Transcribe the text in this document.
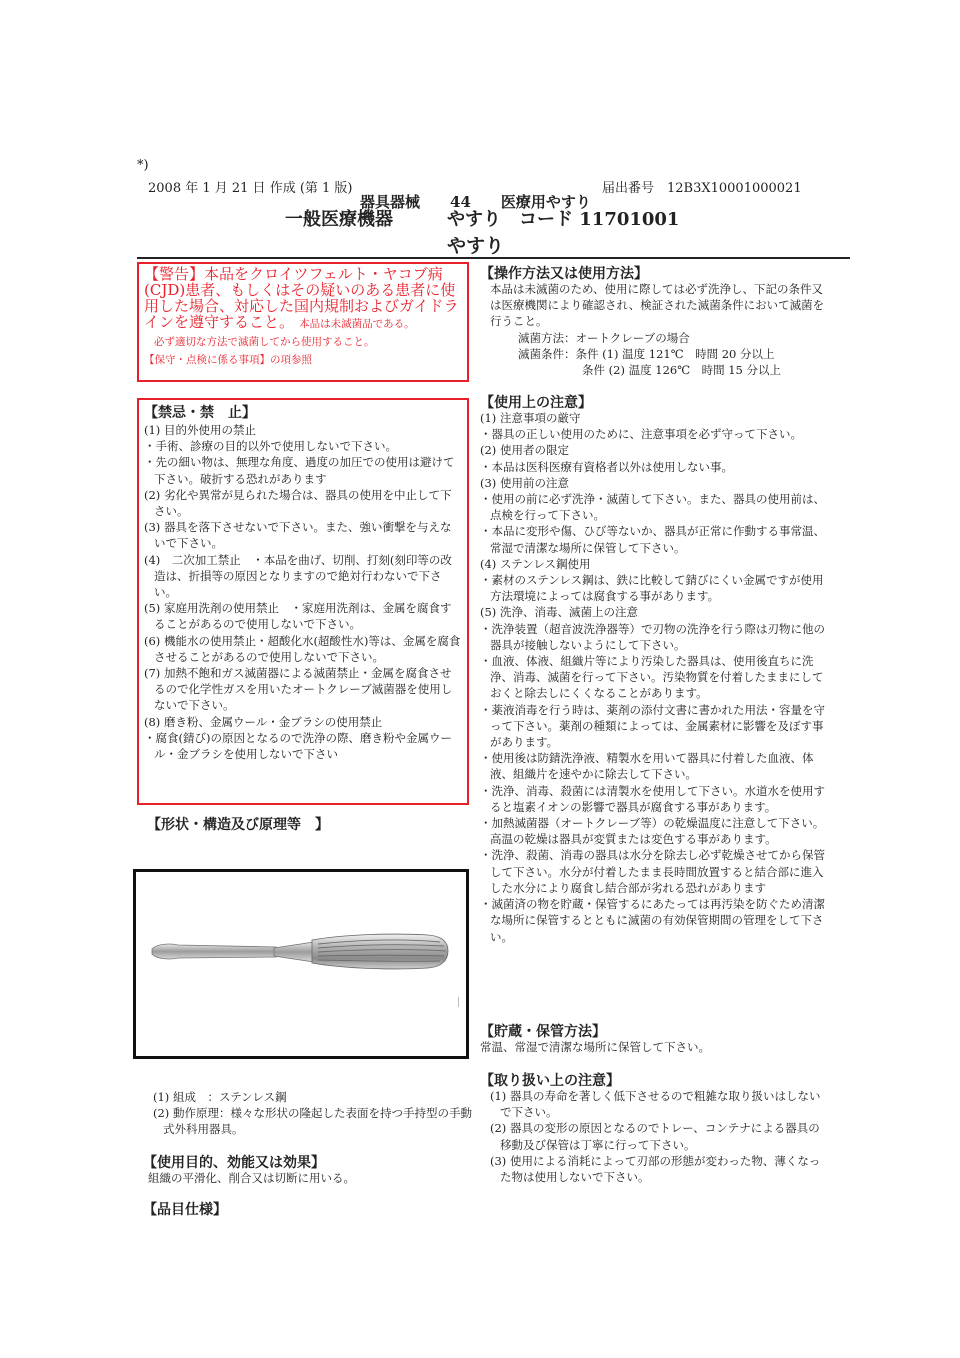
*)
2008 年 1 月 21 日 作成 (第 1 版)	届出番号　12B3X10001000021
器具器械　　44　　医療用やすり
一般医療機器　　　やすり　コード 11701001
やすり
【警告】本品をクロイツフェルト・ヤコブ病(CJD)患者、もしくはその疑いのある患者に使用した場合、対応した国内規制およびガイドラインを遵守すること。 本品は未滅菌品である。
必ず適切な方法で滅菌してから使用すること。
【保守・点検に係る事項】の項参照
【禁忌・禁　止】

(1) 目的外使用の禁止

・手術、診療の目的以外で使用しないで下さい。

・先の細い物は、無理な角度、過度の加圧での使用は避けて下さい。破折する恐れがあります

(2) 劣化や異常が見られた場合は、器具の使用を中止して下さい。

(3) 器具を落下させないで下さい。また、強い衝撃を与えないで下さい。

(4)　二次加工禁止　・本品を曲げ、切削、打刻(刻印等の改造は、折損等の原因となりますので絶対行わないで下さい。

(5) 家庭用洗剤の使用禁止　・家庭用洗剤は、金属を腐食することがあるので使用しないで下さい。

(6) 機能水の使用禁止・超酸化水(超酸性水)等は、金属を腐食させることがあるので使用しないで下さい。

(7) 加熱不飽和ガス滅菌器による滅菌禁止・金属を腐食させるので化学性ガスを用いたオートクレーブ滅菌器を使用しないで下さい。

(8) 磨き粉、金属ウール・金ブラシの使用禁止

・腐食(錆び)の原因となるので洗浄の際、磨き粉や金属ウール・金ブラシを使用しないで下さい

【形状・構造及び原理等　】

(1) 組成　：ステンレス鋼

(2) 動作原理：様々な形状の隆起した表面を持つ手持型の手動式外科用器具。

【使用目的、効能又は効果】
組織の平滑化、削合又は切断に用いる。
【品目仕様】
【操作方法又は使用方法】

本品は未滅菌のため、使用に際しては必ず洗浄し、下記の条件又は医療機関により確認され、検証された滅菌条件において滅菌を行うこと。

滅菌方法：オートクレーブの場合

滅菌条件：条件 (1) 温度 121℃　時間 20 分以上

条件 (2) 温度 126℃　時間 15 分以上

【使用上の注意】

(1) 注意事項の厳守

・器具の正しい使用のために、注意事項を必ず守って下さい。

(2) 使用者の限定

・本品は医科医療有資格者以外は使用しない事。

(3) 使用前の注意

・使用の前に必ず洗浄・滅菌して下さい。また、器具の使用前は、点検を行って下さい。

・本品に変形や傷、ひび等ないか、器具が正常に作動する事常温、常湿で清潔な場所に保管して下さい。

(4) ステンレス鋼使用

・素材のステンレス鋼は、鉄に比較して錆びにくい金属ですが使用方法環境によっては腐食する事があります。

(5) 洗浄、消毒、滅菌上の注意

・洗浄装置（超音波洗浄器等）で刃物の洗浄を行う際は刃物に他の器具が接触しないようにして下さい。

・血液、体液、組織片等により汚染した器具は、使用後直ちに洗浄、消毒、滅菌を行って下さい。汚染物質を付着したままにしておくと除去しにくくなることがあります。

・薬液消毒を行う時は、薬剤の添付文書に書かれた用法・容量を守って下さい。薬剤の種類によっては、金属素材に影響を及ぼす事があります。

・使用後は防錆洗浄液、精製水を用いて器具に付着した血液、体液、組織片を速やかに除去して下さい。

・洗浄、消毒、殺菌には清製水を使用して下さい。水道水を使用すると塩素イオンの影響で器具が腐食する事があります。

・加熱滅菌器（オートクレーブ等）の乾燥温度に注意して下さい。高温の乾燥は器具が変質または変色する事があります。

・洗浄、殺菌、消毒の器具は水分を除去し必ず乾燥させてから保管して下さい。水分が付着したまま長時間放置すると結合部に進入した水分により腐食し結合部が劣れる恐れがあります

・滅菌済の物を貯蔵・保管するにあたっては再汚染を防ぐため清潔な場所に保管するとともに滅菌の有効保管期間の管理をして下さい。

【貯蔵・保管方法】
常温、常湿で清潔な場所に保管して下さい。
【取り扱い上の注意】

(1) 器具の寿命を著しく低下させるので粗雑な取り扱いはしないで下さい。

(2) 器具の変形の原因となるのでトレー、コンテナによる器具の移動及び保管は丁寧に行って下さい。

(3) 使用による消耗によって刃部の形態が変わった物、薄くなった物は使用しないで下さい。
